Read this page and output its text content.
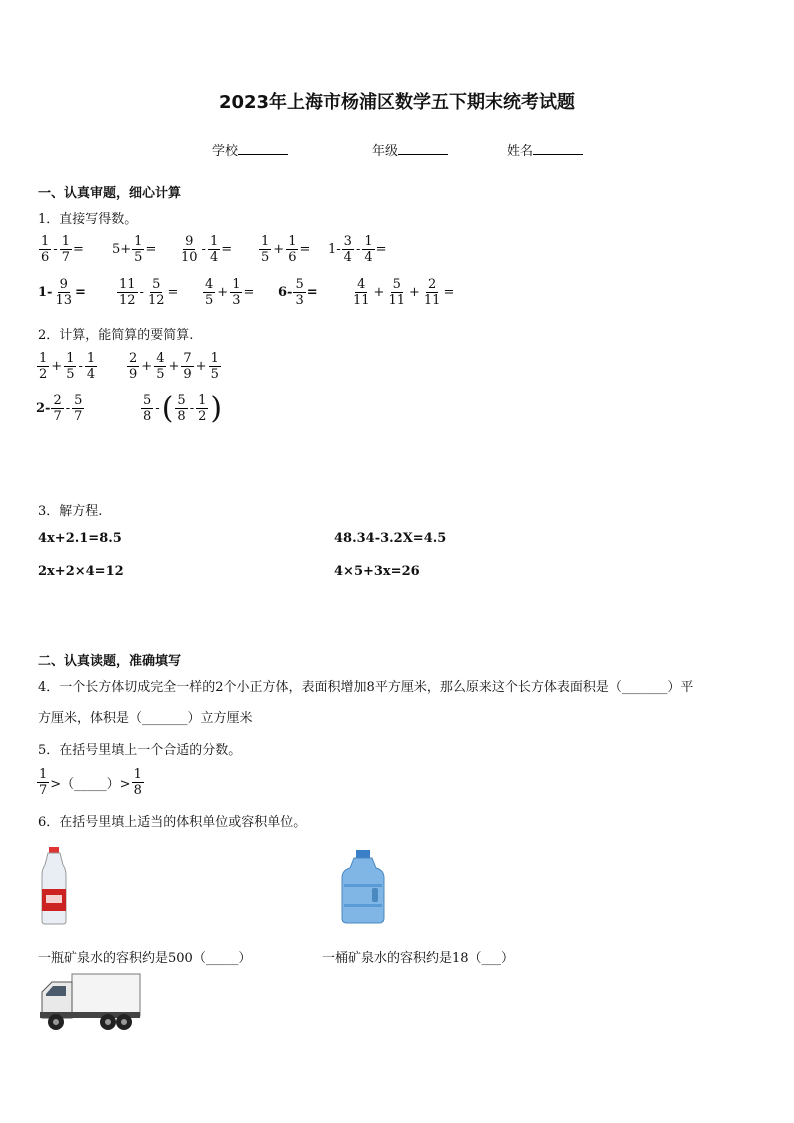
2023年上海市杨浦区数学五下期末统考试题
学校	年级	姓名
一、认真审题，细心计算
1．直接写得数。
$\frac{1}{6} - \frac{1}{7} = 5+ \frac{1}{5} = \frac{9}{10} - \frac{1}{4} = \frac{1}{5} + \frac{1}{6} = 1- \frac{3}{4} - \frac{1}{4}$ =
$1- \frac{9}{13} = \frac{11}{12} - \frac{5}{12} = \frac{4}{5} + \frac{1}{3} = 6- \frac{5}{3}$ =	$\frac{4}{11} + \frac{5}{11} + \frac{2}{11}$ =
2．计算，能简算的要简算.
$\frac{1}{2} + \frac{1}{5} - \frac{1}{4} \frac{2}{9} + \frac{4}{5} + \frac{7}{9} + \frac{1}{5}$
$2- \frac{2}{7} - \frac{5}{7}$	$\frac{5}{8}$ - ( $\frac{5}{8} - \frac{1}{2}$ )
3．解方程.
4x+2.1=8.5	48.34-3.2X=4.5
2x+2×4=12	4×5+3x=26
二、认真读题，准确填写
4．一个长方体切成完全一样的2个小正方体，表面积增加8平方厘米，那么原来这个长方体表面积是（_______）平
方厘米，体积是（_______）立方厘米
5．在括号里填上一个合适的分数。
$\frac{1}{7}$ >（_____）> $\frac{1}{8}$
6．在括号里填上适当的体积单位或容积单位。
一瓶矿泉水的容积约是500（_____）	一桶矿泉水的容积约是18（___）
